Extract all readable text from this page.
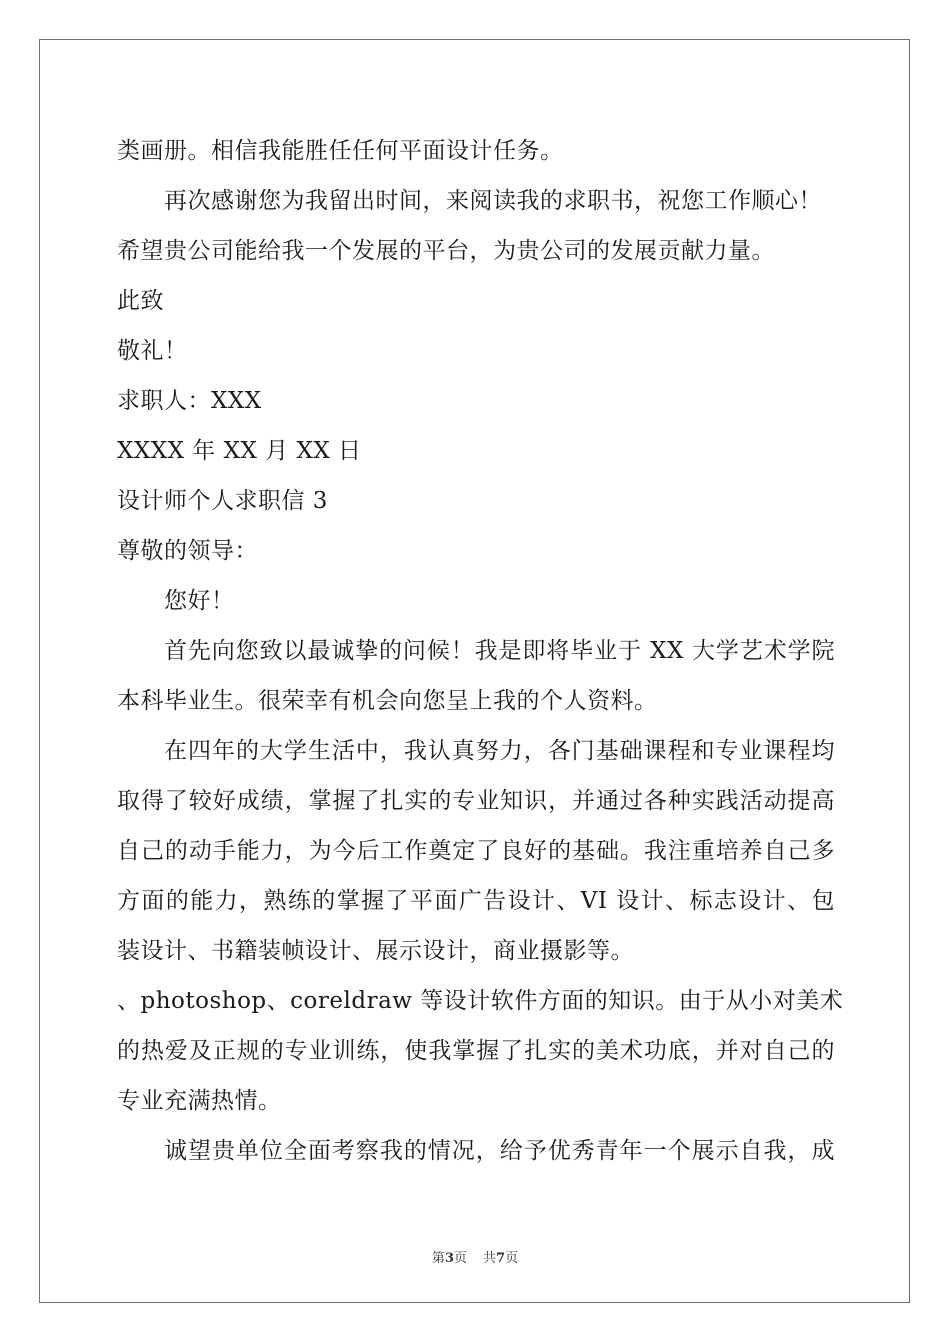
类画册。相信我能胜任任何平面设计任务。
再次感谢您为我留出时间，来阅读我的求职书，祝您工作顺心！
希望贵公司能给我一个发展的平台，为贵公司的发展贡献力量。
此致
敬礼！
求职人：XXX
XXXX 年 XX 月 XX 日
设计师个人求职信 3
尊敬的领导：
您好！
首先向您致以最诚挚的问候！我是即将毕业于 XX 大学艺术学院
本科毕业生。很荣幸有机会向您呈上我的个人资料。
在四年的大学生活中，我认真努力，各门基础课程和专业课程均
取得了较好成绩，掌握了扎实的专业知识，并通过各种实践活动提高
自己的动手能力，为今后工作奠定了良好的基础。我注重培养自己多
方面的能力，熟练的掌握了平面广告设计、VI 设计、标志设计、包
装设计、书籍装帧设计、展示设计，商业摄影等。
、photoshop、coreldraw 等设计软件方面的知识。由于从小对美术
的热爱及正规的专业训练，使我掌握了扎实的美术功底，并对自己的
专业充满热情。
诚望贵单位全面考察我的情况，给予优秀青年一个展示自我，成
第3页 共7页
